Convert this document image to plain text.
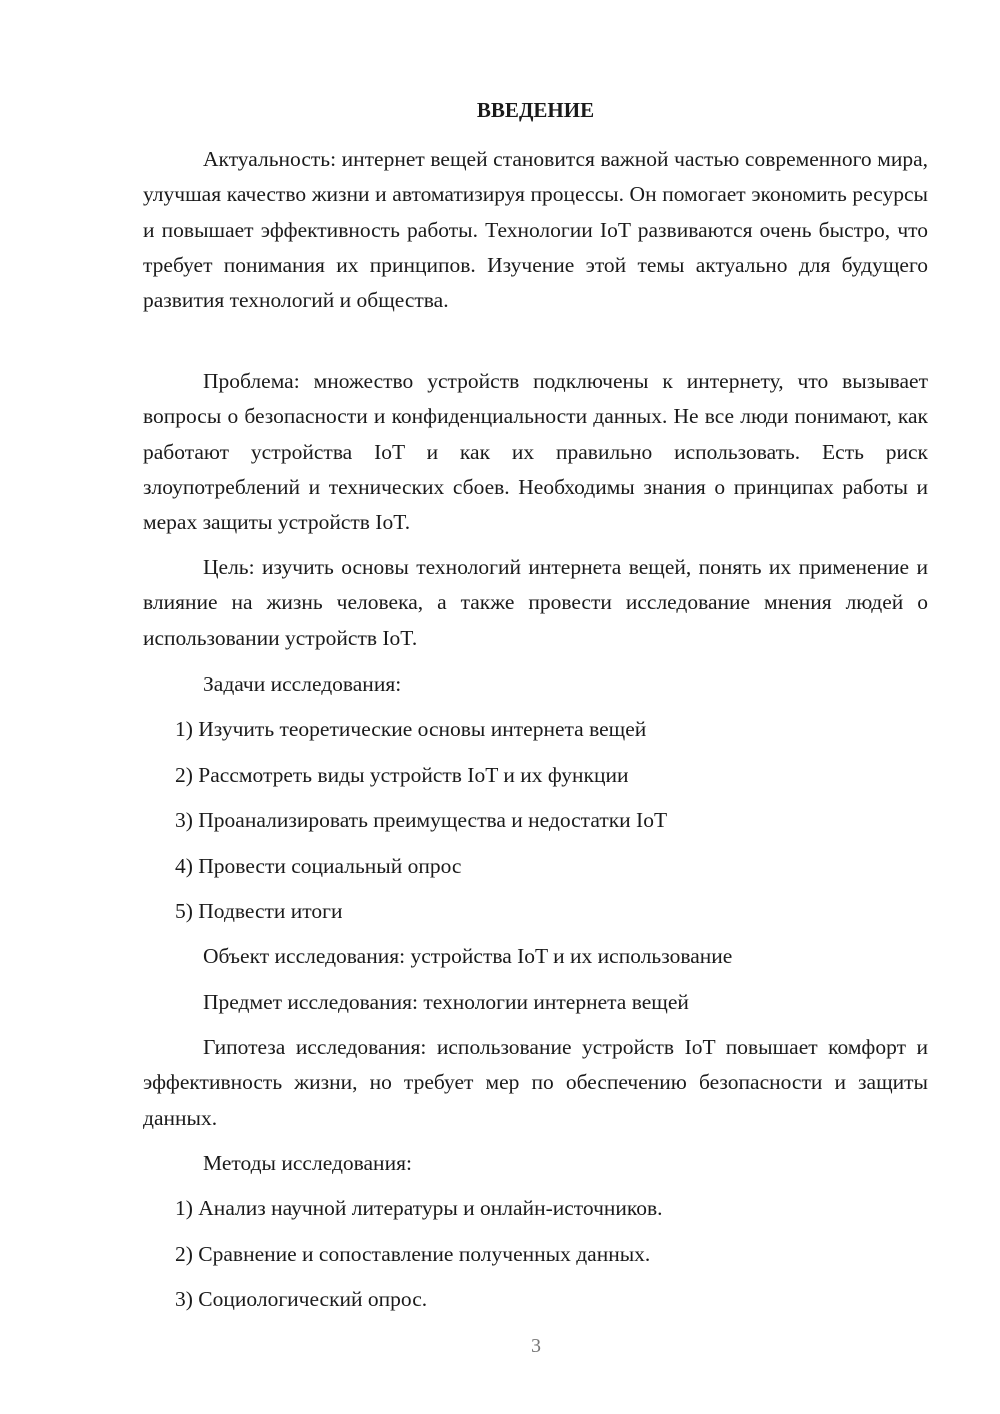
ВВЕДЕНИЕ

Актуальность: интернет вещей становится важной частью современного мира, улучшая качество жизни и автоматизируя процессы. Он помогает экономить ресурсы и повышает эффективность работы. Технологии IoT развиваются очень быстро, что требует понимания их принципов. Изучение этой темы актуально для будущего развития технологий и общества.

Проблема: множество устройств подключены к интернету, что вызывает вопросы о безопасности и конфиденциальности данных. Не все люди понимают, как работают устройства IoT и как их правильно использовать. Есть риск злоупотреблений и технических сбоев. Необходимы знания о принципах работы и мерах защиты устройств IoT.

Цель: изучить основы технологий интернета вещей, понять их применение и влияние на жизнь человека, а также провести исследование мнения людей о использовании устройств IoT.

Задачи исследования:

1) Изучить теоретические основы интернета вещей

2) Рассмотреть виды устройств IoT и их функции

3) Проанализировать преимущества и недостатки IoT

4) Провести социальный опрос

5) Подвести итоги

Объект исследования: устройства IoT и их использование

Предмет исследования: технологии интернета вещей

Гипотеза исследования: использование устройств IoT повышает комфорт и эффективность жизни, но требует мер по обеспечению безопасности и защиты данных.

Методы исследования:

1) Анализ научной литературы и онлайн-источников.

2) Сравнение и сопоставление полученных данных.

3) Социологический опрос.

3
